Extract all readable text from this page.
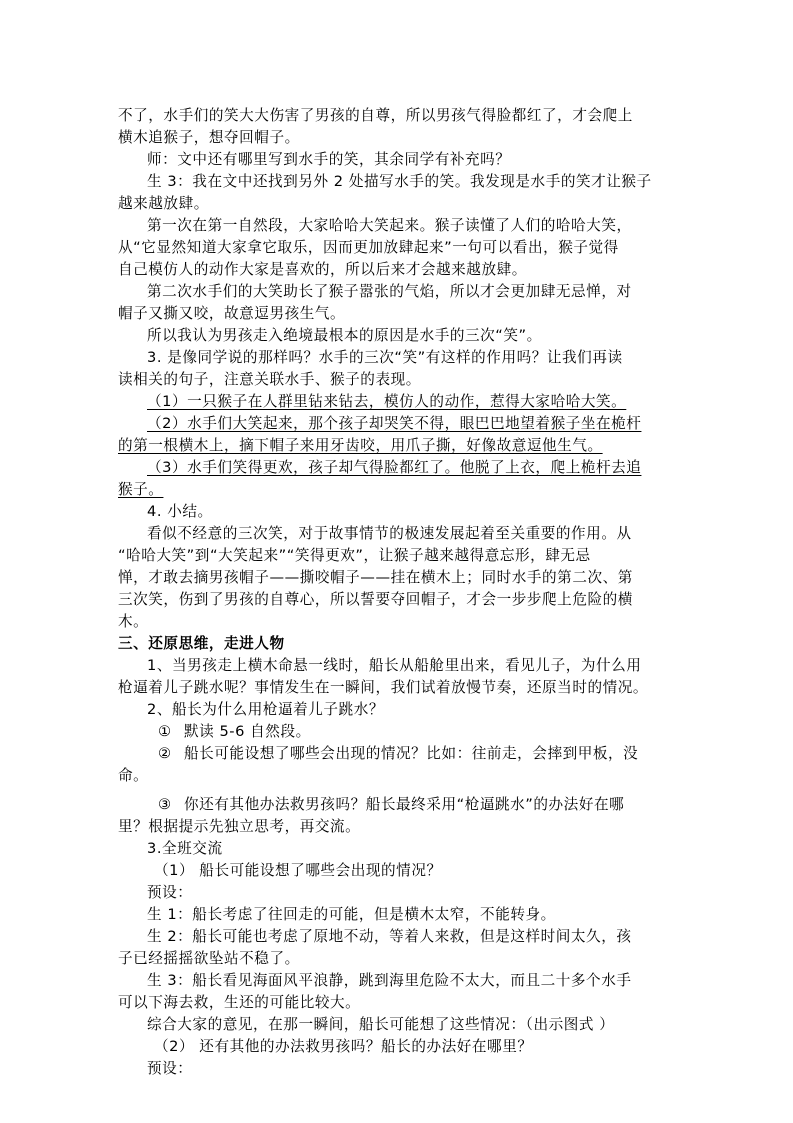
不了，水手们的笑大大伤害了男孩的自尊，所以男孩气得脸都红了，才会爬上
横木追猴子，想夺回帽子。
师：文中还有哪里写到水手的笑，其余同学有补充吗？
生 3：我在文中还找到另外 2 处描写水手的笑。我发现是水手的笑才让猴子
越来越放肆。
第一次在第一自然段，大家哈哈大笑起来。猴子读懂了人们的哈哈大笑，
从“它显然知道大家拿它取乐，因而更加放肆起来”一句可以看出，猴子觉得
自己模仿人的动作大家是喜欢的，所以后来才会越来越放肆。
第二次水手们的大笑助长了猴子嚣张的气焰，所以才会更加肆无忌惮，对
帽子又撕又咬，故意逗男孩生气。
所以我认为男孩走入绝境最根本的原因是水手的三次“笑”。
3. 是像同学说的那样吗？水手的三次“笑”有这样的作用吗？让我们再读
读相关的句子，注意关联水手、猴子的表现。
（1）一只猴子在人群里钻来钻去，模仿人的动作，惹得大家哈哈大笑。
（2）水手们大笑起来，那个孩子却哭笑不得，眼巴巴地望着猴子坐在桅杆
的第一根横木上，摘下帽子来用牙齿咬，用爪子撕，好像故意逗他生气。
（3）水手们笑得更欢，孩子却气得脸都红了。他脱了上衣，爬上桅杆去追
猴子。
4. 小结。
看似不经意的三次笑，对于故事情节的极速发展起着至关重要的作用。从
“哈哈大笑”到“大笑起来”“笑得更欢”，让猴子越来越得意忘形，肆无忌
惮，才敢去摘男孩帽子——撕咬帽子——挂在横木上；同时水手的第二次、第
三次笑，伤到了男孩的自尊心，所以誓要夺回帽子，才会一步步爬上危险的横
木。
三、还原思维，走进人物
1、当男孩走上横木命悬一线时，船长从船舱里出来，看见儿子，为什么用
枪逼着儿子跳水呢？事情发生在一瞬间，我们试着放慢节奏，还原当时的情况。
2、船长为什么用枪逼着儿子跳水？
① 默读 5-6 自然段。
② 船长可能设想了哪些会出现的情况？比如：往前走，会摔到甲板，没
命。
③ 你还有其他办法救男孩吗？船长最终采用“枪逼跳水”的办法好在哪
里？根据提示先独立思考，再交流。
3.全班交流
（1） 船长可能设想了哪些会出现的情况？
预设：
生 1：船长考虑了往回走的可能，但是横木太窄，不能转身。
生 2：船长可能也考虑了原地不动，等着人来救，但是这样时间太久，孩
子已经摇摇欲坠站不稳了。
生 3：船长看见海面风平浪静，跳到海里危险不太大，而且二十多个水手
可以下海去救，生还的可能比较大。
综合大家的意见，在那一瞬间，船长可能想了这些情况：（出示图式 ）
（2） 还有其他的办法救男孩吗？船长的办法好在哪里？
预设：
